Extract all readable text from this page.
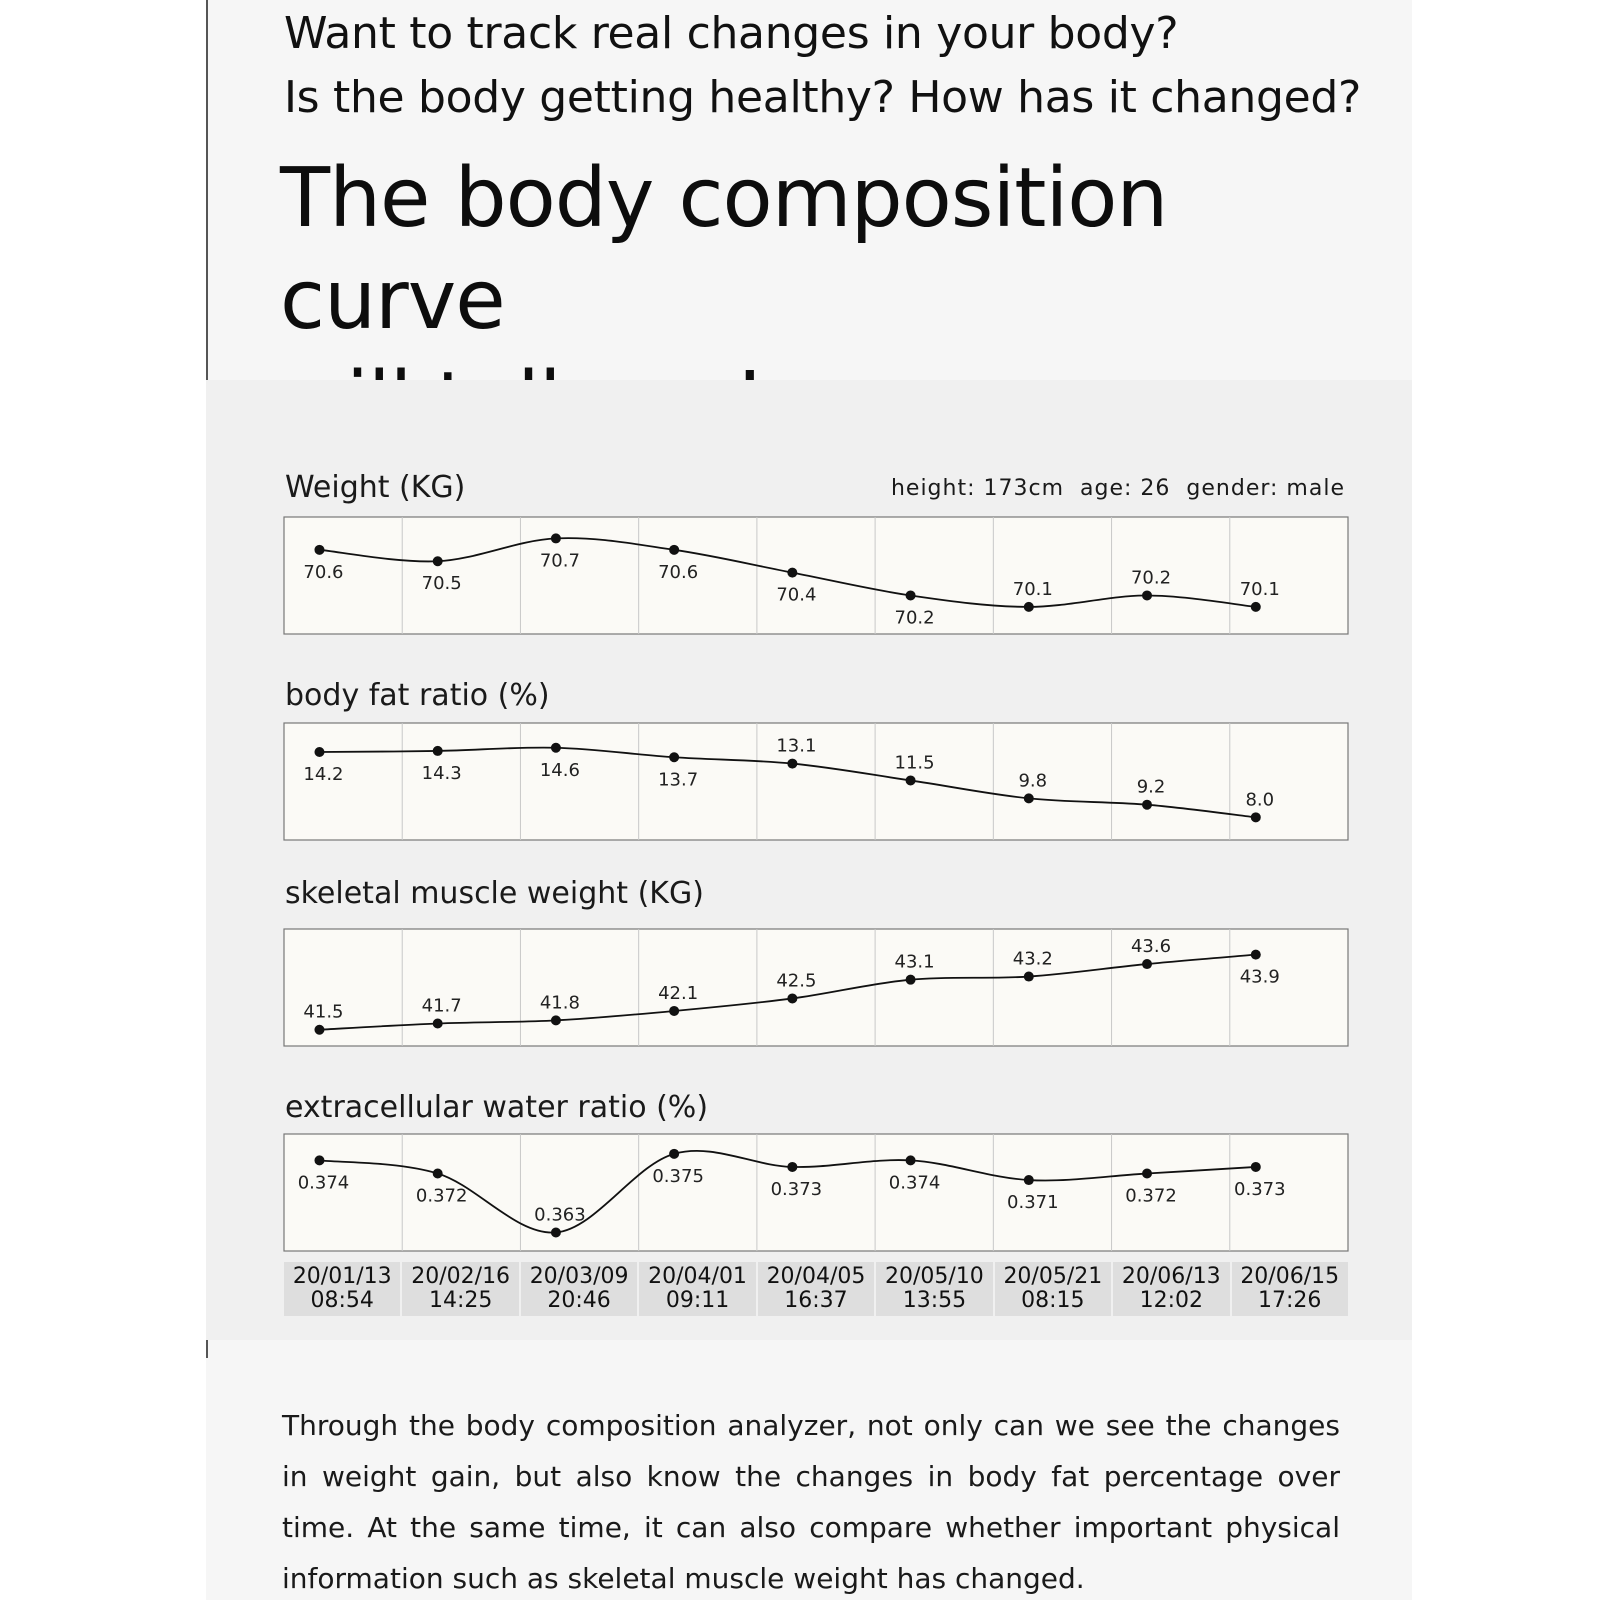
Want to track real changes in your body?
Is the body getting healthy? How has it changed?
The body composition curve
Weight (KG)	height: 173cm age: 26 gender: male
70.6
70.5
70.7
70.6
70.4
70.2
70.1
70.2
70.1
body fat ratio (%)
14.2	14.3	14.6	13.7
13.1
11.5
9.8	9.2
8.0
skeletal muscle weight (KG)
41.5	41.7	41.8	42.1
42.5
43.1	43.2
43.6
43.9
extracellular water ratio (%)
0.374
0.372
0.363
0.375
0.373	0.374
0.371	0.372	0.373
20/01/13
08:54
20/02/16
14:25
20/03/09
20:46
20/04/01
09:11
20/04/05
16:37
20/05/10
13:55
20/05/21
08:15
20/06/13
12:02
20/06/15
17:26
Through the body composition analyzer, not only can we see the changes in weight gain, but also know the changes in body fat percentage over time. At the same time, it can also compare whether important physical information such as skeletal muscle weight has changed.
